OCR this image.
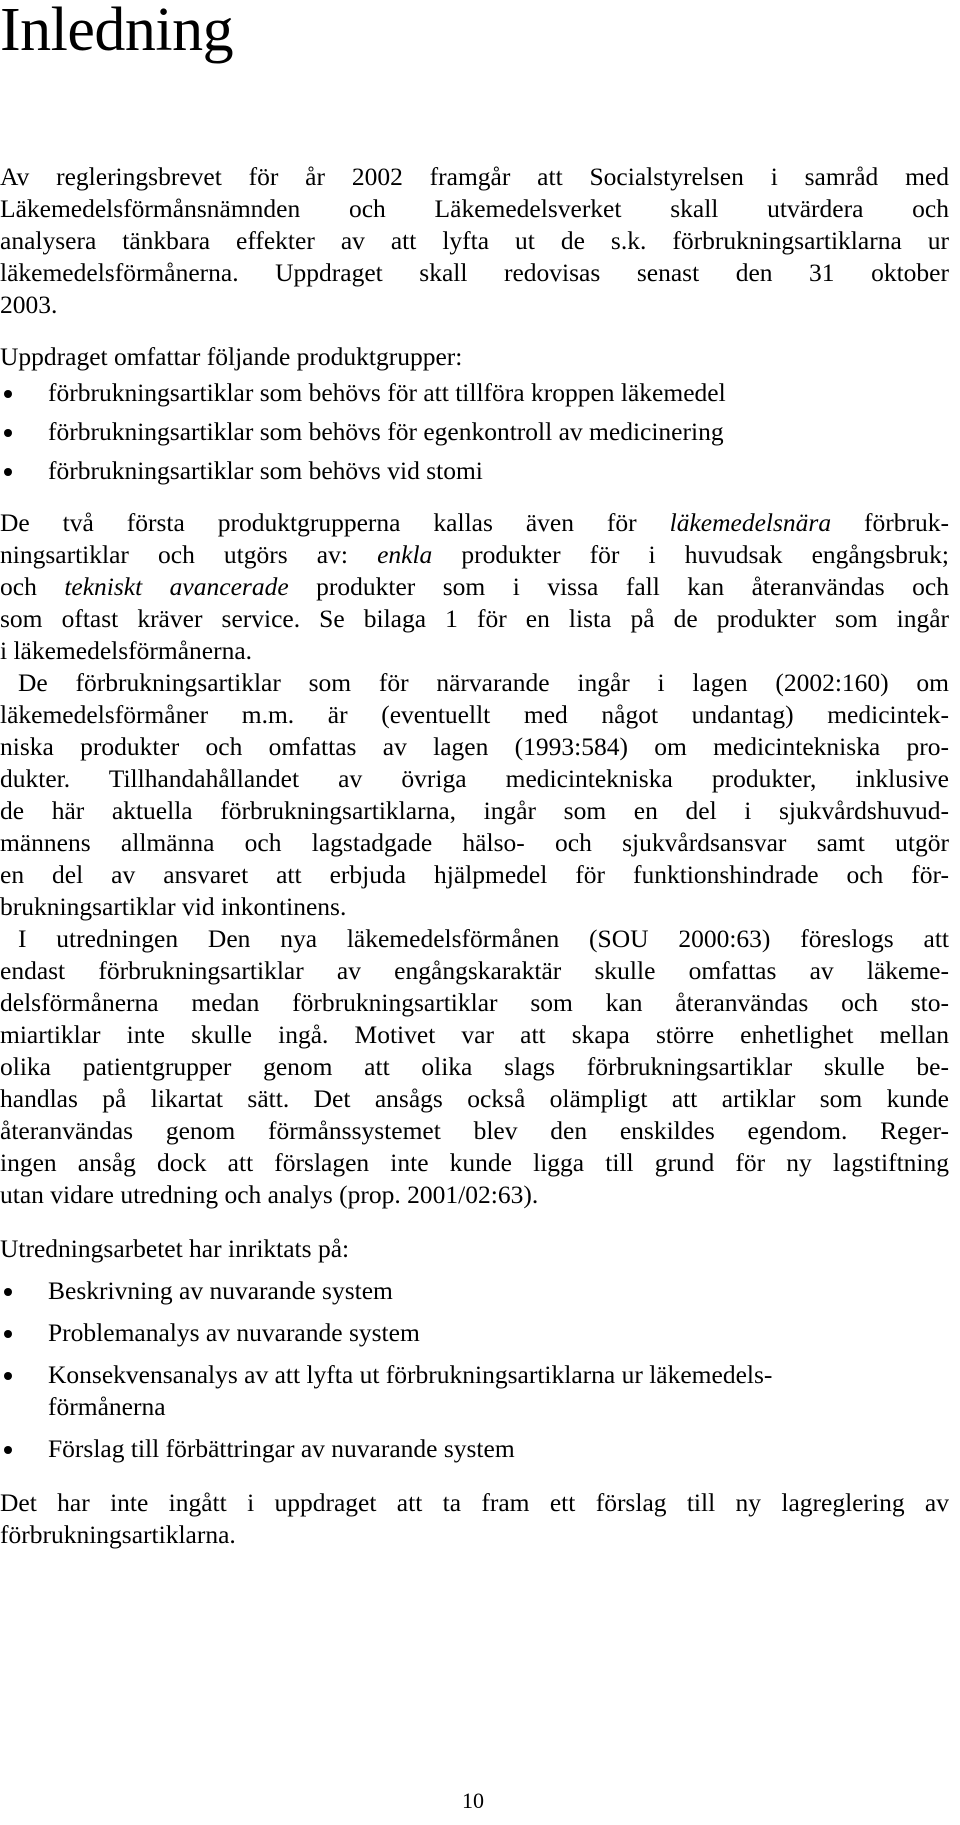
Inledning
Av regleringsbrevet för år 2002 framgår att Socialstyrelsen i samråd med
Läkemedelsförmånsnämnden och Läkemedelsverket skall utvärdera och
analysera tänkbara effekter av att lyfta ut de s.k. förbrukningsartiklarna ur
läkemedelsförmånerna. Uppdraget skall redovisas senast den 31 oktober
2003.
Uppdraget omfattar följande produktgrupper:
förbrukningsartiklar som behövs för att tillföra kroppen läkemedel
förbrukningsartiklar som behövs för egenkontroll av medicinering
förbrukningsartiklar som behövs vid stomi
De två första produktgrupperna kallas även för läkemedelsnära förbruk-
ningsartiklar och utgörs av: enkla produkter för i huvudsak engångsbruk;
och tekniskt avancerade produkter som i vissa fall kan återanvändas och
som oftast kräver service. Se bilaga 1 för en lista på de produkter som ingår
i läkemedelsförmånerna.
De förbrukningsartiklar som för närvarande ingår i lagen (2002:160) om
läkemedelsförmåner m.m. är (eventuellt med något undantag) medicintek-
niska produkter och omfattas av lagen (1993:584) om medicintekniska pro-
dukter. Tillhandahållandet av övriga medicintekniska produkter, inklusive
de här aktuella förbrukningsartiklarna, ingår som en del i sjukvårdshuvud-
männens allmänna och lagstadgade hälso- och sjukvårdsansvar samt utgör
en del av ansvaret att erbjuda hjälpmedel för funktionshindrade och för-
brukningsartiklar vid inkontinens.
I utredningen Den nya läkemedelsförmånen (SOU 2000:63) föreslogs att
endast förbrukningsartiklar av engångskaraktär skulle omfattas av läkeme-
delsförmånerna medan förbrukningsartiklar som kan återanvändas och sto-
miartiklar inte skulle ingå. Motivet var att skapa större enhetlighet mellan
olika patientgrupper genom att olika slags förbrukningsartiklar skulle be-
handlas på likartat sätt. Det ansågs också olämpligt att artiklar som kunde
återanvändas genom förmånssystemet blev den enskildes egendom. Reger-
ingen ansåg dock att förslagen inte kunde ligga till grund för ny lagstiftning
utan vidare utredning och analys (prop. 2001/02:63).
Utredningsarbetet har inriktats på:
Beskrivning av nuvarande system
Problemanalys av nuvarande system
Konsekvensanalys av att lyfta ut förbrukningsartiklarna ur läkemedels-
förmånerna
Förslag till förbättringar av nuvarande system
Det har inte ingått i uppdraget att ta fram ett förslag till ny lagreglering av
förbrukningsartiklarna.
10
